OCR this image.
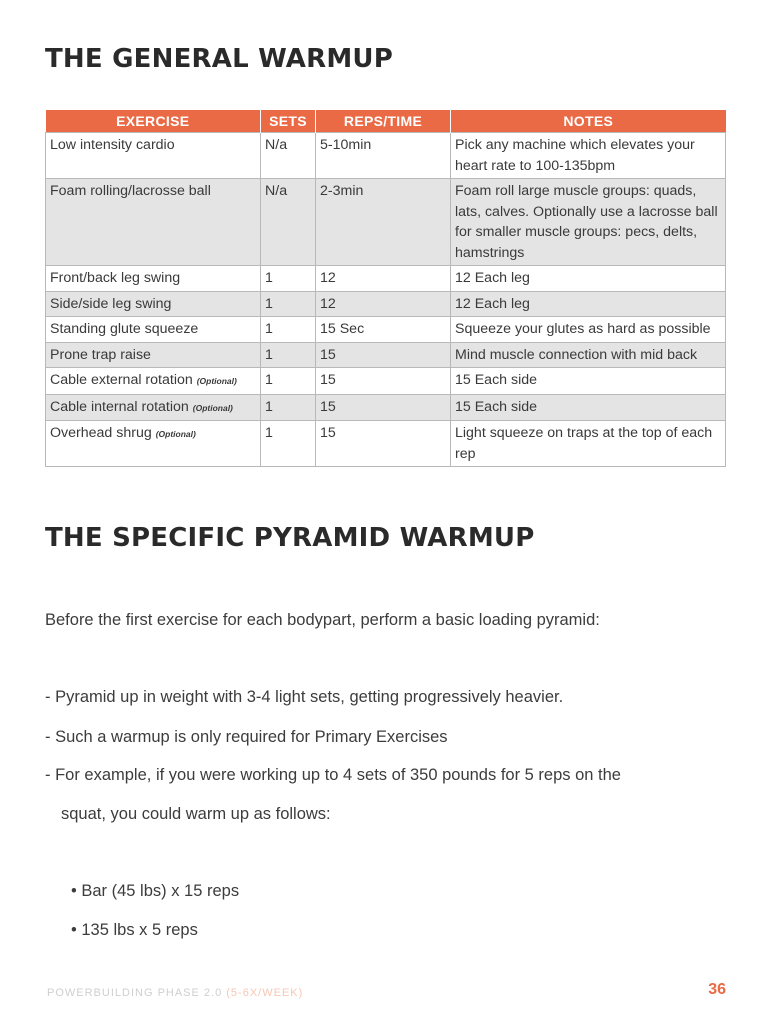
THE GENERAL WARMUP
EXERCISE	SETS	REPS/TIME	NOTES
Low intensity cardio	N/a	5-10min	Pick any machine which elevates your heart rate to 100-135bpm
Foam rolling/lacrosse ball	N/a	2-3min	Foam roll large muscle groups: quads, lats, calves. Optionally use a lacrosse ball for smaller muscle groups: pecs, delts, hamstrings
Front/back leg swing	1	12	12 Each leg
Side/side leg swing	1	12	12 Each leg
Standing glute squeeze	1	15 Sec	Squeeze your glutes as hard as possible
Prone trap raise	1	15	Mind muscle connection with mid back
Cable external rotation (Optional)	1	15	15 Each side
Cable internal rotation (Optional)	1	15	15 Each side
Overhead shrug (Optional)	1	15	Light squeeze on traps at the top of each rep
THE SPECIFIC PYRAMID WARMUP

Before the first exercise for each bodypart, perform a basic loading pyramid:

- Pyramid up in weight with 3-4 light sets, getting progressively heavier.

- Such a warmup is only required for Primary Exercises

- For example, if you were working up to 4 sets of 350 pounds for 5 reps on the

squat, you could warm up as follows:

• Bar (45 lbs) x 15 reps

• 135 lbs x 5 reps

POWERBUILDING PHASE 2.0 (5-6X/WEEK)	36
